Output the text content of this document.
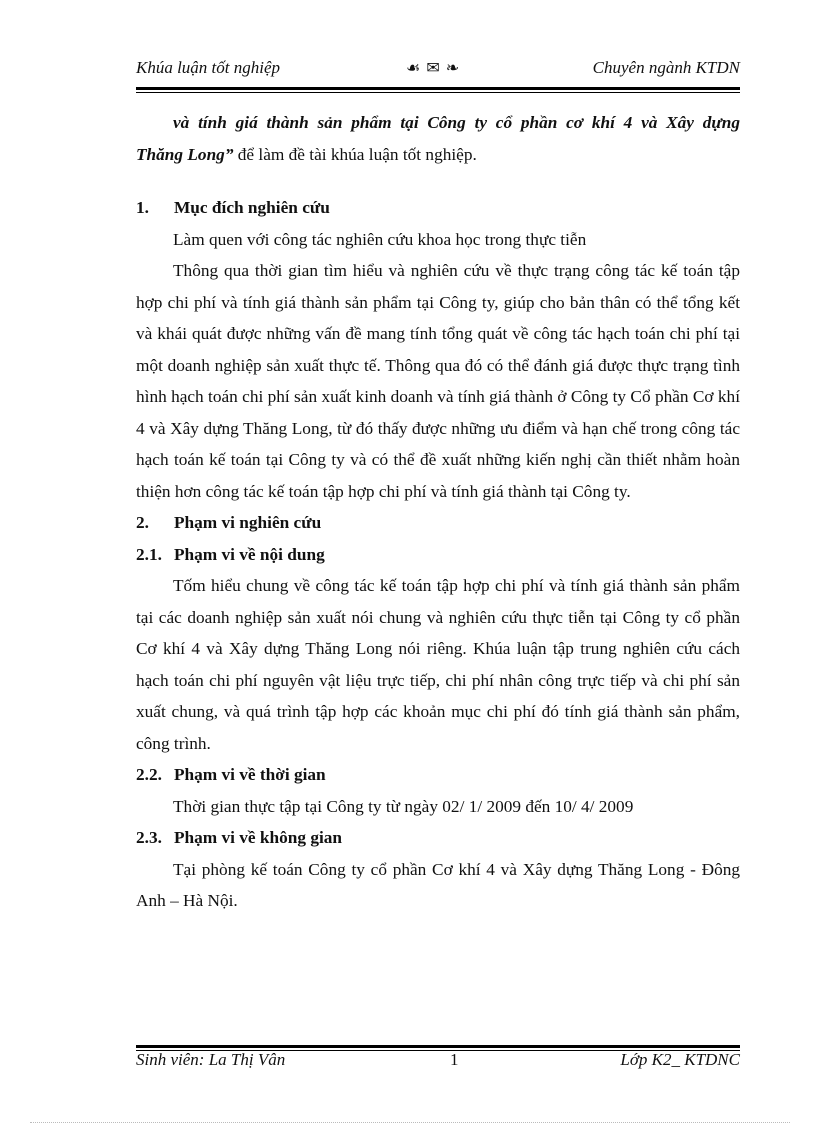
Khúa luận tốt nghiệp	☙ ✉ ❧	Chuyên ngành KTDN

và tính giá thành sản phẩm tại Công ty cổ phần cơ khí 4 và Xây dựng

Thăng Long” để làm đề tài khúa luận tốt nghiệp.

1. Mục đích nghiên cứu

Làm quen với công tác nghiên cứu khoa học trong thực tiễn

Thông qua thời gian tìm hiểu và nghiên cứu về thực trạng công tác kế toán tập hợp chi phí và tính giá thành sản phẩm tại Công ty, giúp cho bản thân có thể tổng kết và khái quát được những vấn đề mang tính tổng quát về công tác hạch toán chi phí tại một doanh nghiệp sản xuất thực tế. Thông qua đó có thể đánh giá được thực trạng tình hình hạch toán chi phí sản xuất kinh doanh và tính giá thành ở Công ty Cổ phần Cơ khí 4 và Xây dựng Thăng Long, từ đó thấy được những ưu điểm và hạn chế trong công tác hạch toán kế toán tại Công ty và có thể đề xuất những kiến nghị cần thiết nhằm hoàn thiện hơn công tác kế toán tập hợp chi phí và tính giá thành tại Công ty.

2. Phạm vi nghiên cứu

2.1. Phạm vi về nội dung

Tốm hiểu chung về công tác kế toán tập hợp chi phí và tính giá thành sản phẩm tại các doanh nghiệp sản xuất nói chung và nghiên cứu thực tiễn tại Công ty cổ phần Cơ khí 4 và Xây dựng Thăng Long nói riêng. Khúa luận tập trung nghiên cứu cách hạch toán chi phí nguyên vật liệu trực tiếp, chi phí nhân công trực tiếp và chi phí sản xuất chung, và quá trình tập hợp các khoản mục chi phí đó tính giá thành sản phẩm, công trình.

2.2. Phạm vi về thời gian

Thời gian thực tập tại Công ty từ ngày 02/ 1/ 2009 đến 10/ 4/ 2009

2.3. Phạm vi về không gian

Tại phòng kế toán Công ty cổ phần Cơ khí 4 và Xây dựng Thăng Long - Đông Anh – Hà Nội.

Sinh viên: La Thị Vân	1	Lớp K2_ KTDNC
